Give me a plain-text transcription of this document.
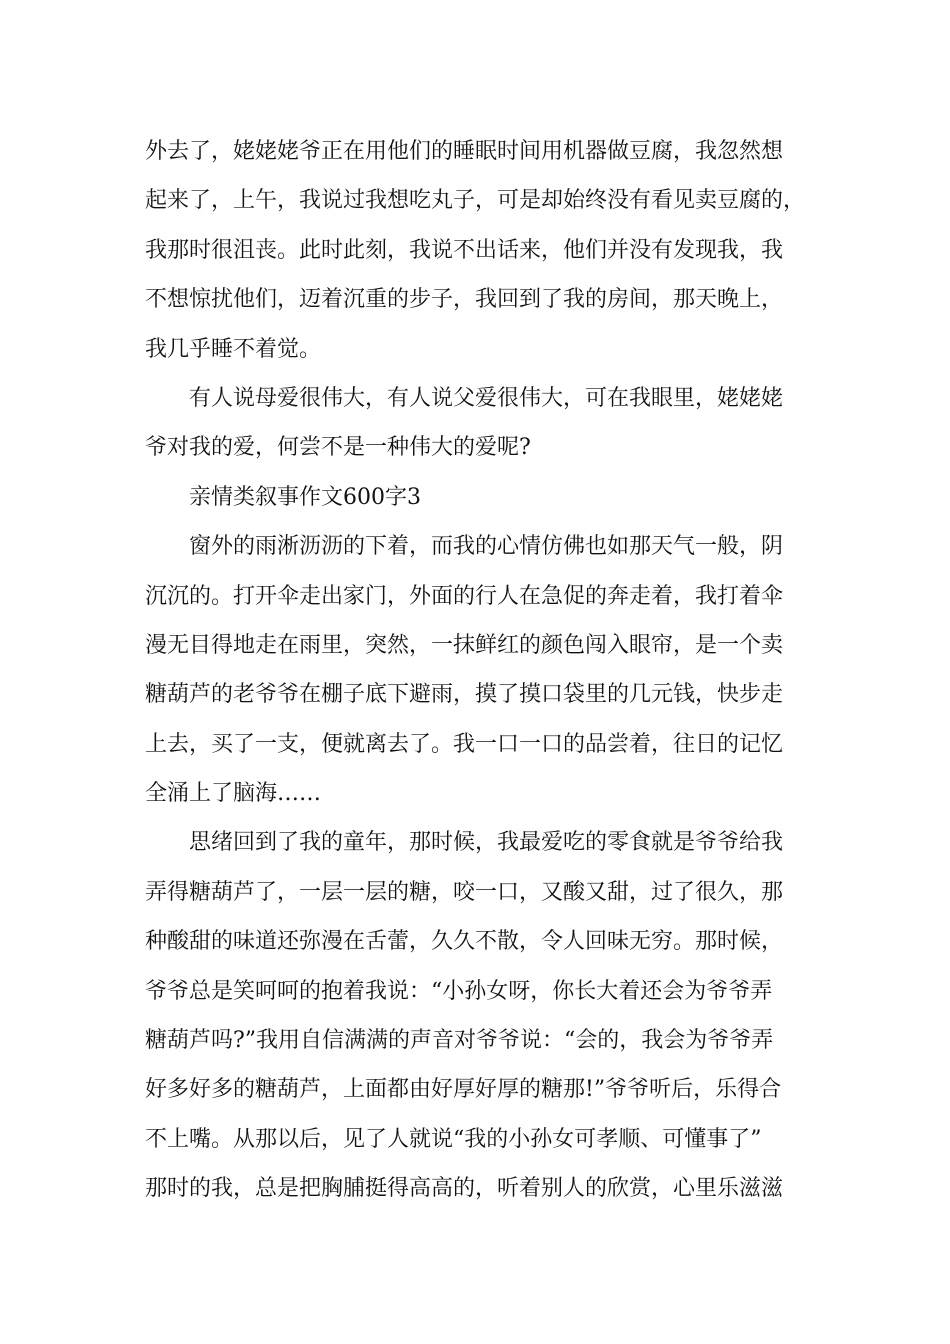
外去了，姥姥姥爷正在用他们的睡眠时间用机器做豆腐，我忽然想
起来了，上午，我说过我想吃丸子，可是却始终没有看见卖豆腐的，
我那时很沮丧。此时此刻，我说不出话来，他们并没有发现我，我
不想惊扰他们，迈着沉重的步子，我回到了我的房间，那天晚上，
我几乎睡不着觉。
有人说母爱很伟大，有人说父爱很伟大，可在我眼里，姥姥姥
爷对我的爱，何尝不是一种伟大的爱呢?
亲情类叙事作文600字3
窗外的雨淅沥沥的下着，而我的心情仿佛也如那天气一般，阴
沉沉的。打开伞走出家门，外面的行人在急促的奔走着，我打着伞
漫无目得地走在雨里，突然，一抹鲜红的颜色闯入眼帘，是一个卖
糖葫芦的老爷爷在棚子底下避雨，摸了摸口袋里的几元钱，快步走
上去，买了一支，便就离去了。我一口一口的品尝着，往日的记忆
全涌上了脑海……
思绪回到了我的童年，那时候，我最爱吃的零食就是爷爷给我
弄得糖葫芦了，一层一层的糖，咬一口，又酸又甜，过了很久，那
种酸甜的味道还弥漫在舌蕾，久久不散，令人回味无穷。那时候，
爷爷总是笑呵呵的抱着我说：“小孙女呀，你长大着还会为爷爷弄
糖葫芦吗?”我用自信满满的声音对爷爷说：“会的，我会为爷爷弄
好多好多的糖葫芦，上面都由好厚好厚的糖那!”爷爷听后，乐得合
不上嘴。从那以后，见了人就说“我的小孙女可孝顺、可懂事了”
那时的我，总是把胸脯挺得高高的，听着别人的欣赏，心里乐滋滋
